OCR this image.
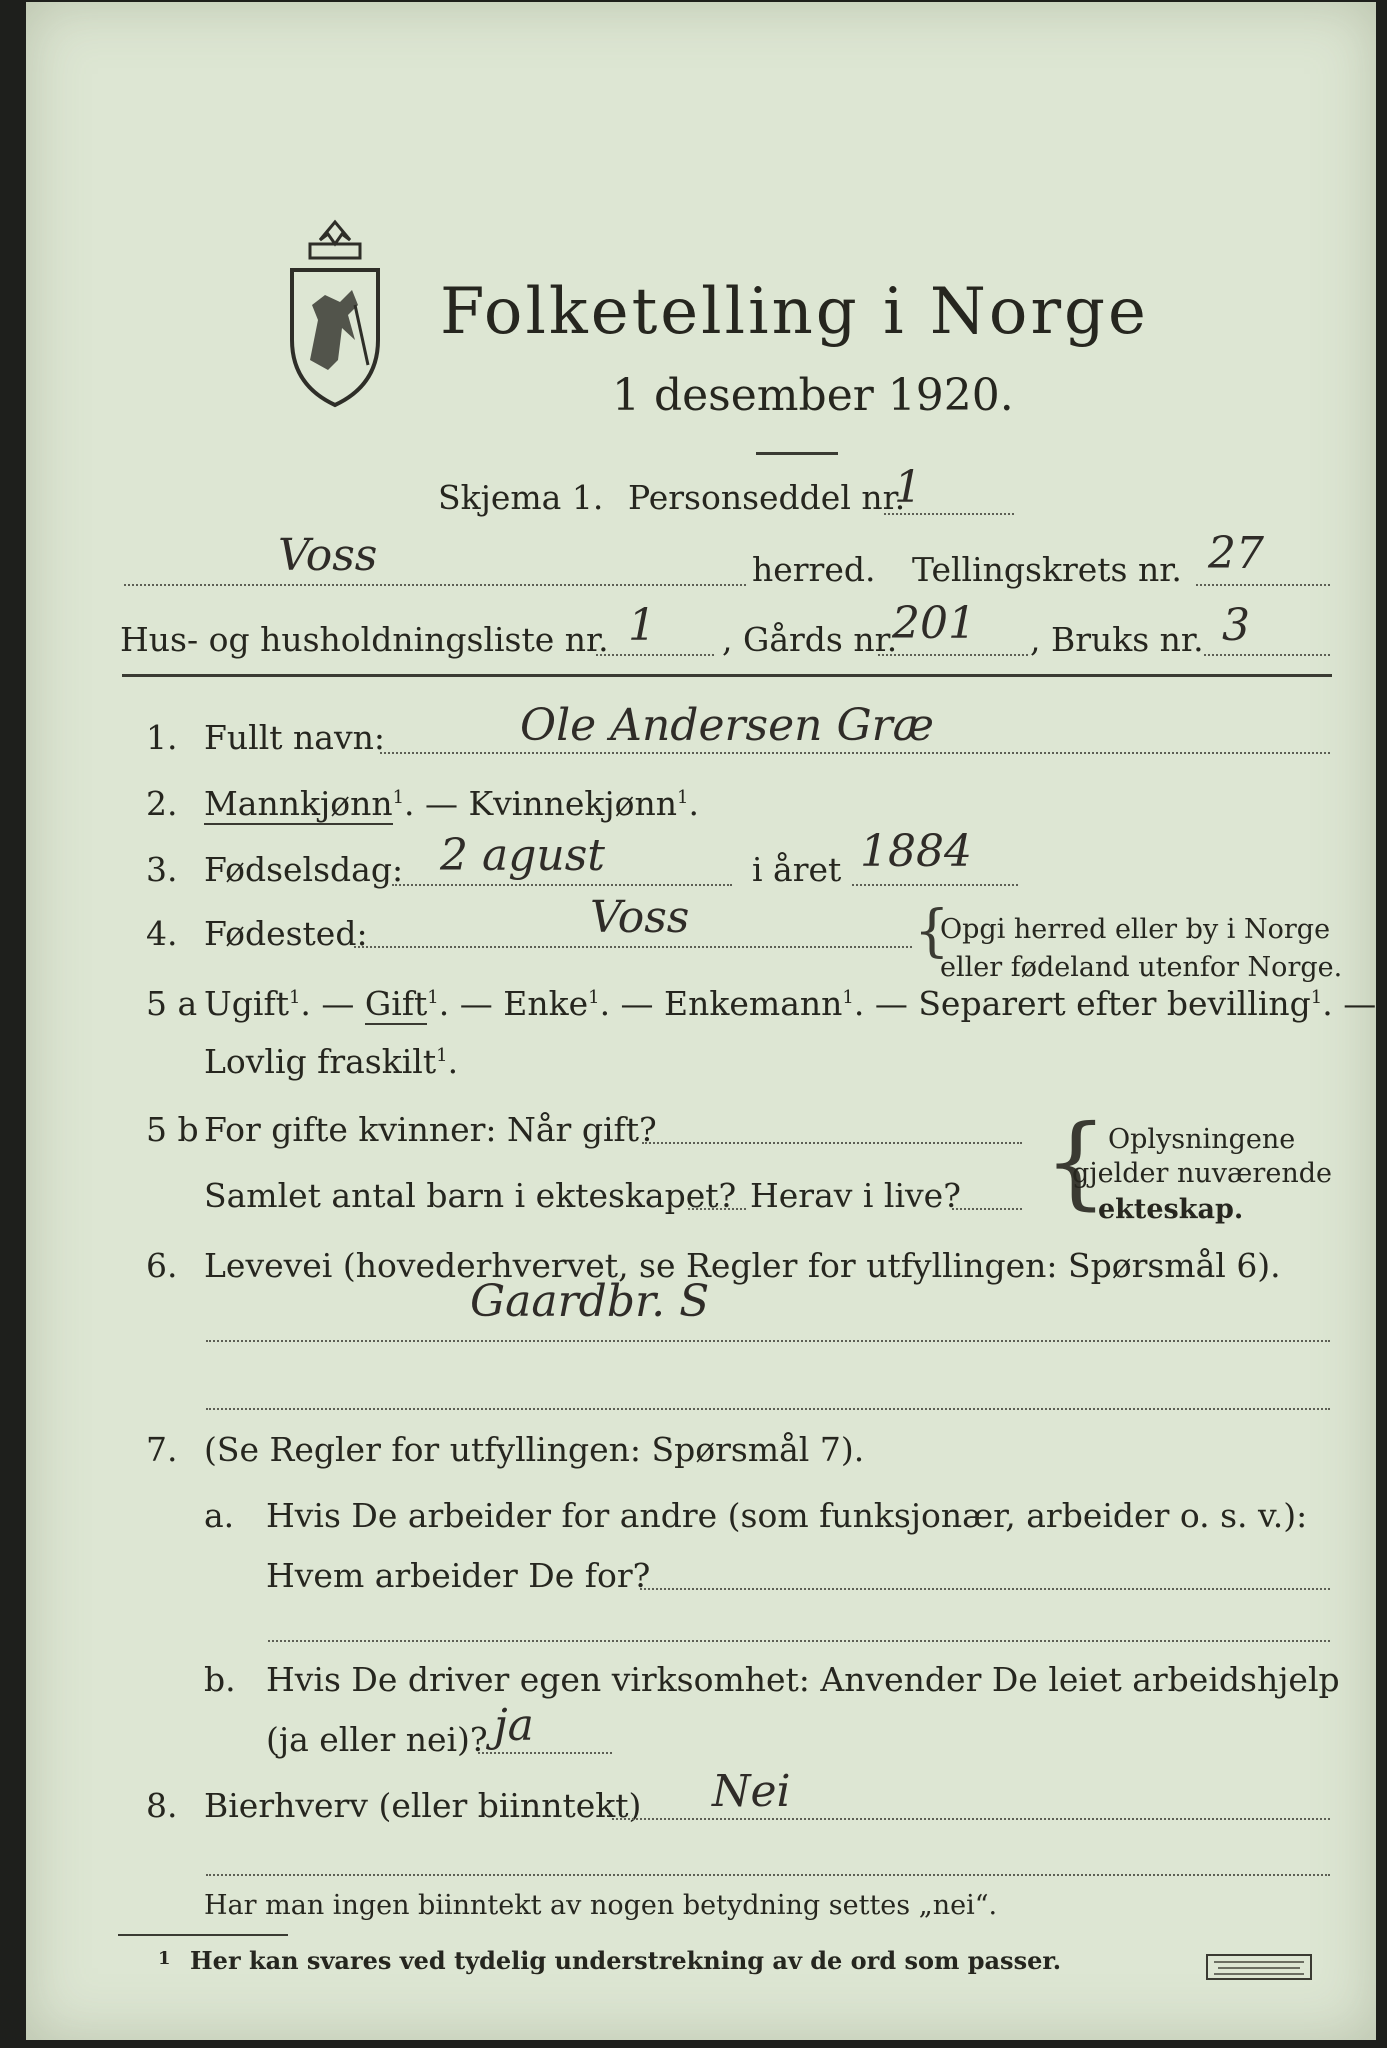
Folketelling i Norge
1 desember 1920.
Skjema 1. Personseddel nr.
1
Voss	herred. Tellingskrets nr. 27
Hus- og husholdningsliste nr. 1 , Gårds nr.
201 , Bruks nr. 3
1. Fullt navn:	Ole Andersen Græ
2. Mannkjønn$^1$. — Kvinnekjønn$^1$.
3. Fødselsdag: 2 agust	i året 1884
4. Fødested:	Voss	{
Opgi herred eller by i Norge
eller fødeland utenfor Norge.
5 a Ugift$^1$. — Gift$^1$. — Enke$^1$. — Enkemann$^1$. — Separert efter bevilling$^1$. —
Lovlig fraskilt$^1$.
5 b For gifte kvinner: Når gift?
Samlet antal barn i ekteskapet? Herav i live? { Oplysningene
gjelder nuværende
ekteskap.
6. Levevei (hovederhvervet, se Regler for utfyllingen: Spørsmål 6).
Gaardbr. S
7. (Se Regler for utfyllingen: Spørsmål 7).
a. Hvis De arbeider for andre (som funksjonær, arbeider o. s. v.):
Hvem arbeider De for?
b. Hvis De driver egen virksomhet: Anvender De leiet arbeidshjelp
(ja eller nei)? ja
8. Bierhverv (eller biinntekt) Nei
Har man ingen biinntekt av nogen betydning settes „nei“.
1 Her kan svares ved tydelig understrekning av de ord som passer.
